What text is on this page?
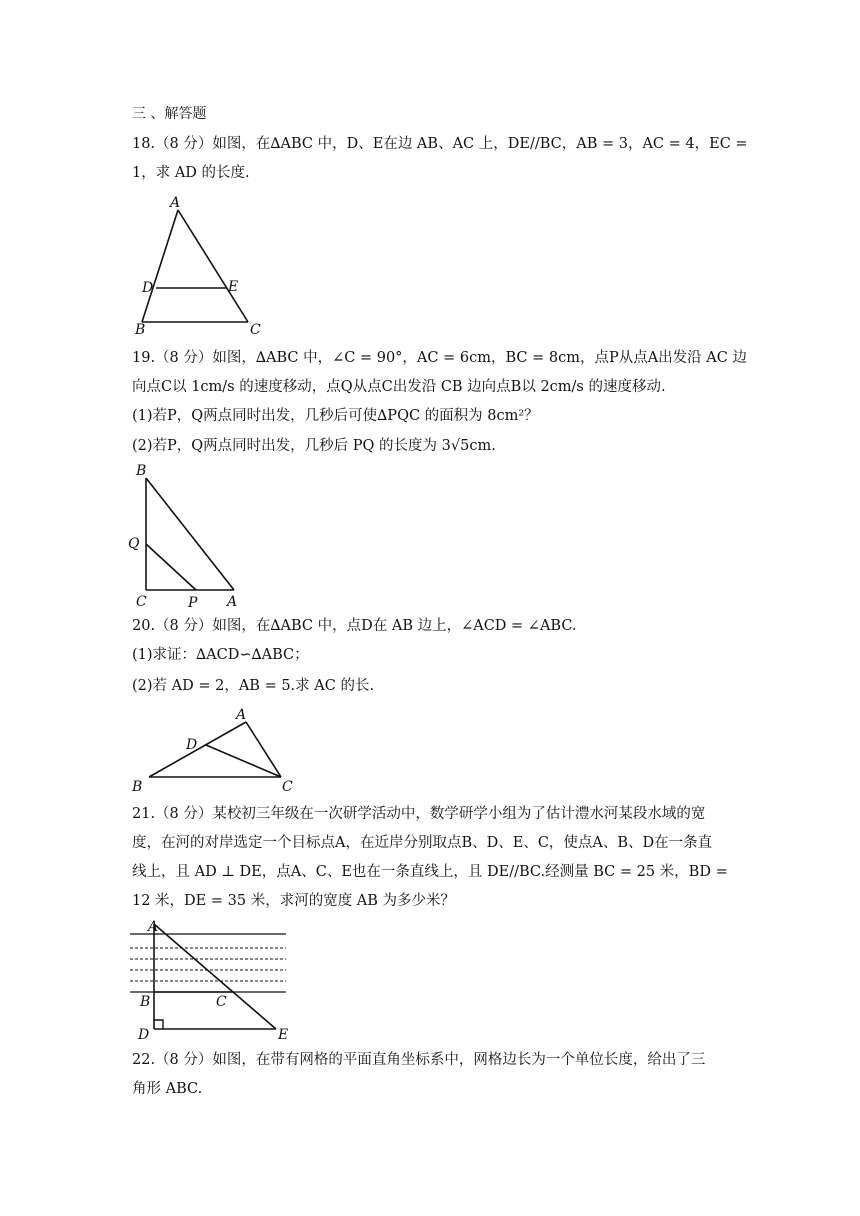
三 、解答题
18.（8 分）如图，在∆ABC 中，D、E在边 AB、AC 上，DE//BC，AB = 3，AC = 4，EC =
1，求 AD 的长度.
A
D	E
B	C
19.（8 分）如图，∆ABC 中，∠C = 90°，AC = 6cm，BC = 8cm，点P从点A出发沿 AC 边
向点C以 1cm/s 的速度移动，点Q从点C出发沿 CB 边向点B以 2cm/s 的速度移动.
(1)若P，Q两点同时出发，几秒后可使∆PQC 的面积为 8cm²？
(2)若P，Q两点同时出发，几秒后 PQ 的长度为 3√5cm.
B
Q
C	P A
20.（8 分）如图，在∆ABC 中，点D在 AB 边上，∠ACD = ∠ABC.
(1)求证：∆ACD∽∆ABC；
(2)若 AD = 2，AB = 5.求 AC 的长.
A
D
B	C
21.（8 分）某校初三年级在一次研学活动中，数学研学小组为了估计澧水河某段水域的宽
度，在河的对岸选定一个目标点A，在近岸分别取点B、D、E、C，使点A、B、D在一条直
线上，且 AD ⊥ DE，点A、C、E也在一条直线上，且 DE//BC.经测量 BC = 25 米，BD =
12 米，DE = 35 米，求河的宽度 AB 为多少米？
A
B	C
D	E
22.（8 分）如图，在带有网格的平面直角坐标系中，网格边长为一个单位长度，给出了三
角形 ABC.
